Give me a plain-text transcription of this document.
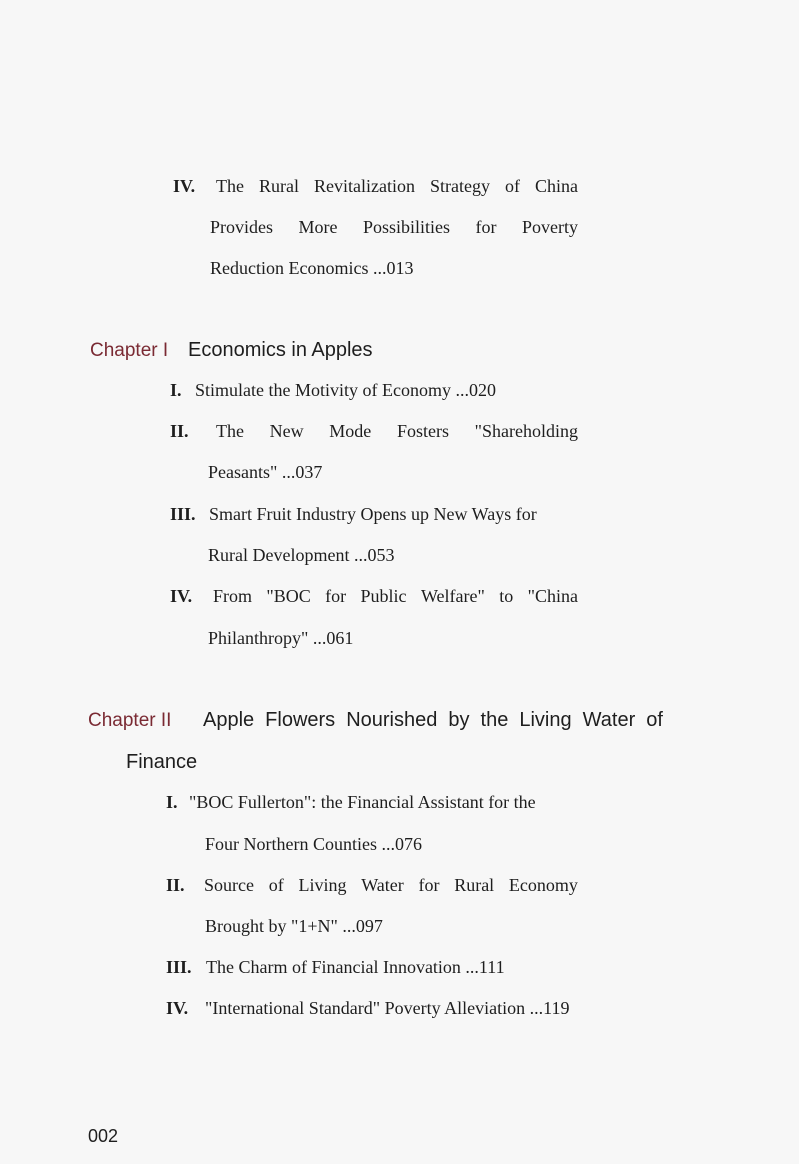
IV. The Rural Revitalization Strategy of China
Provides More Possibilities for Poverty
Reduction Economics ...013
Chapter I Economics in Apples
I. Stimulate the Motivity of Economy ...020
II. The New Mode Fosters "Shareholding
Peasants" ...037
III. Smart Fruit Industry Opens up New Ways for
Rural Development ...053
IV. From "BOC for Public Welfare" to "China
Philanthropy" ...061
Chapter II Apple Flowers Nourished by the Living Water of
Finance
I. "BOC Fullerton": the Financial Assistant for the
Four Northern Counties ...076
II. Source of Living Water for Rural Economy
Brought by "1+N" ...097
III. The Charm of Financial Innovation ...111
IV. "International Standard" Poverty Alleviation ...119
002
